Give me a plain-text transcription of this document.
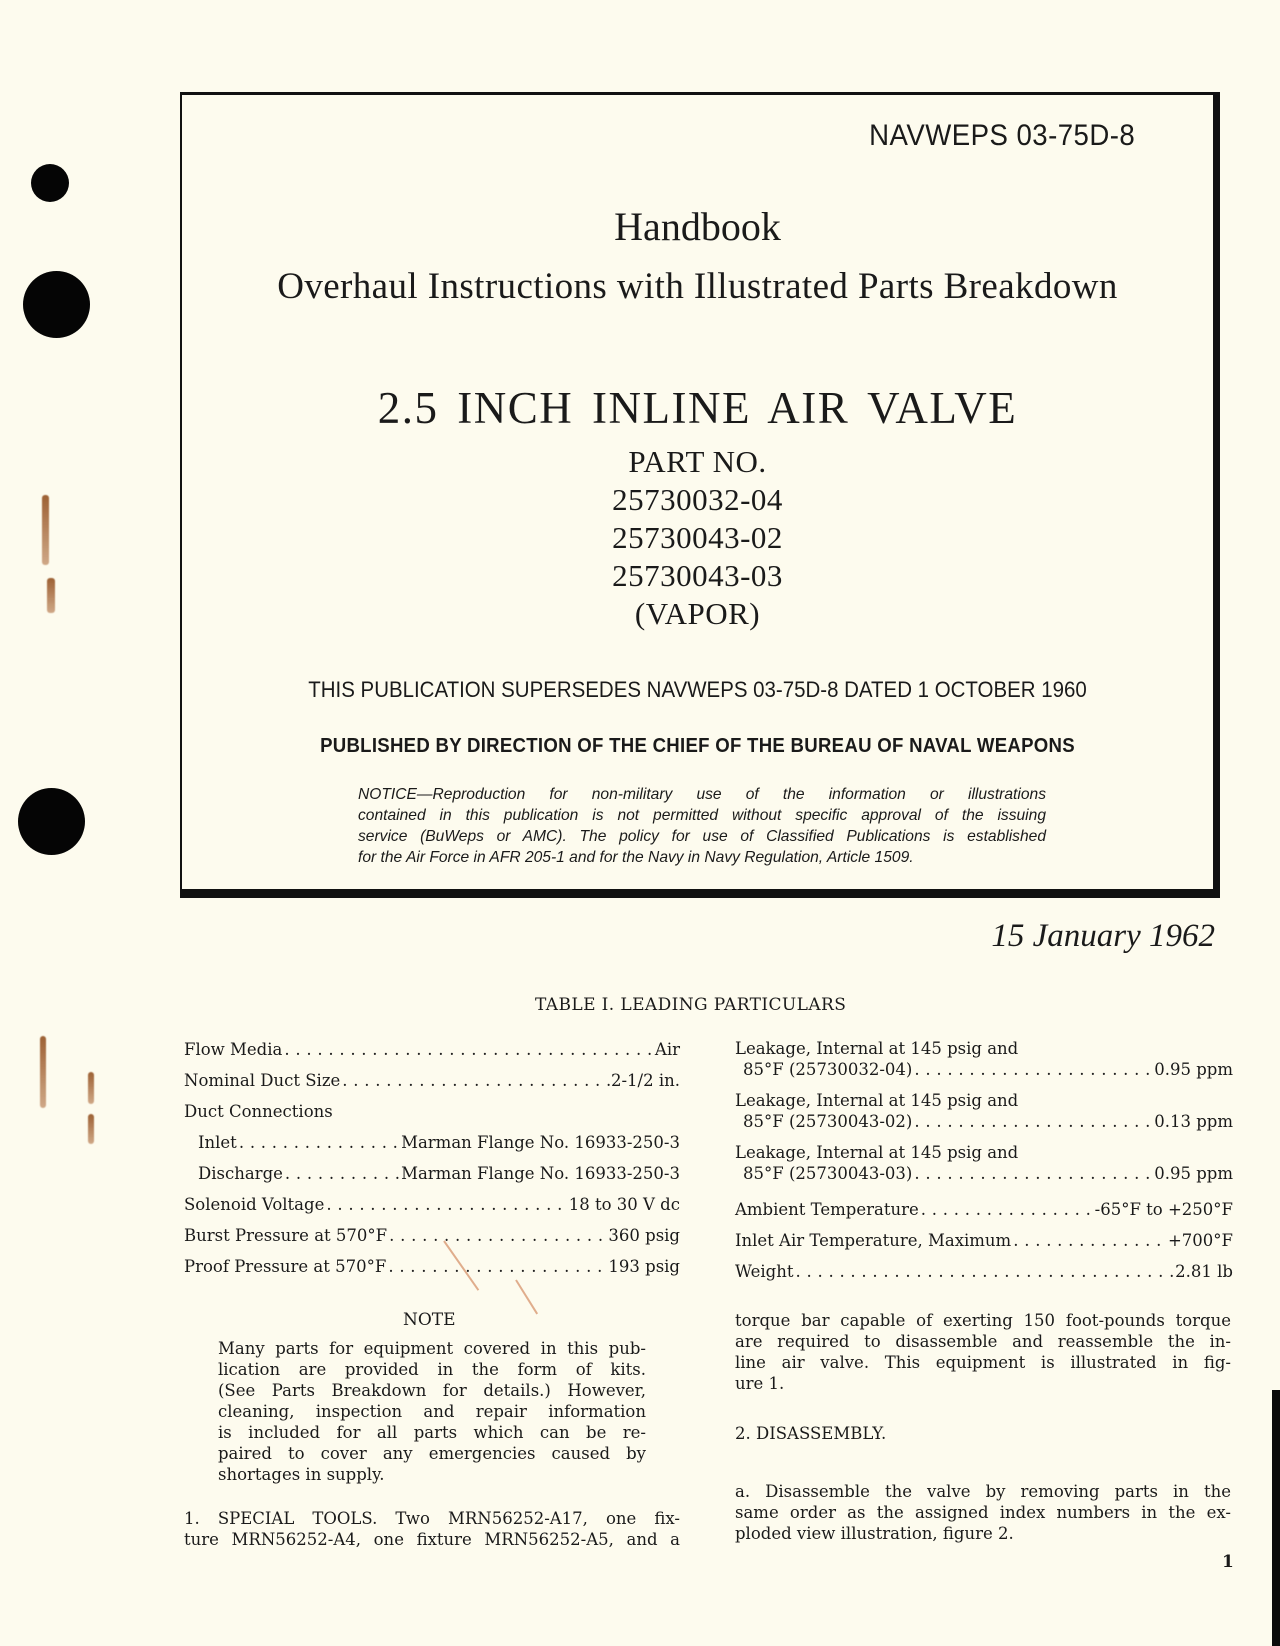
NAVWEPS 03-75D-8
Handbook
Overhaul Instructions with Illustrated Parts Breakdown
2.5 INCH INLINE AIR VALVE
PART NO.
25730032-04
25730043-02
25730043-03
(VAPOR)
THIS PUBLICATION SUPERSEDES NAVWEPS 03-75D-8 DATED 1 OCTOBER 1960
PUBLISHED BY DIRECTION OF THE CHIEF OF THE BUREAU OF NAVAL WEAPONS
NOTICE—Reproduction for non-military use of the information or illustrations
contained in this publication is not permitted without specific approval of the issuing
service (BuWeps or AMC). The policy for use of Classified Publications is established
for the Air Force in AFR 205-1 and for the Navy in Navy Regulation, Article 1509.
15 January 1962
TABLE I. LEADING PARTICULARS
Flow Media . . .	Air
Nominal Duct Size . . .	2-1/2 in.
Duct Connections
Inlet . . .	Marman Flange No. 16933-250-3
Discharge . . .	Marman Flange No. 16933-250-3
Solenoid Voltage . . .	18 to 30 V dc
Burst Pressure at 570°F . . .	360 psig
Proof Pressure at 570°F . . .	193 psig
Leakage, Internal at 145 psig and
85°F (25730032-04) . . .	0.95 ppm
Leakage, Internal at 145 psig and
85°F (25730043-02) . . .	0.13 ppm
Leakage, Internal at 145 psig and
85°F (25730043-03) . . .	0.95 ppm
Ambient Temperature . . .	-65°F to +250°F
Inlet Air Temperature, Maximum . . .	+700°F
Weight . . .	2.81 lb
NOTE
Many parts for equipment covered in this pub-
lication are provided in the form of kits.
(See Parts Breakdown for details.) However,
cleaning, inspection and repair information
is included for all parts which can be re-
paired to cover any emergencies caused by
shortages in supply.
1. SPECIAL TOOLS. Two MRN56252-A17, one fix-
ture MRN56252-A4, one fixture MRN56252-A5, and a
torque bar capable of exerting 150 foot-pounds torque
are required to disassemble and reassemble the in-
line air valve. This equipment is illustrated in fig-
ure 1.
2. DISASSEMBLY.
a. Disassemble the valve by removing parts in the
same order as the assigned index numbers in the ex-
ploded view illustration, figure 2.
1
